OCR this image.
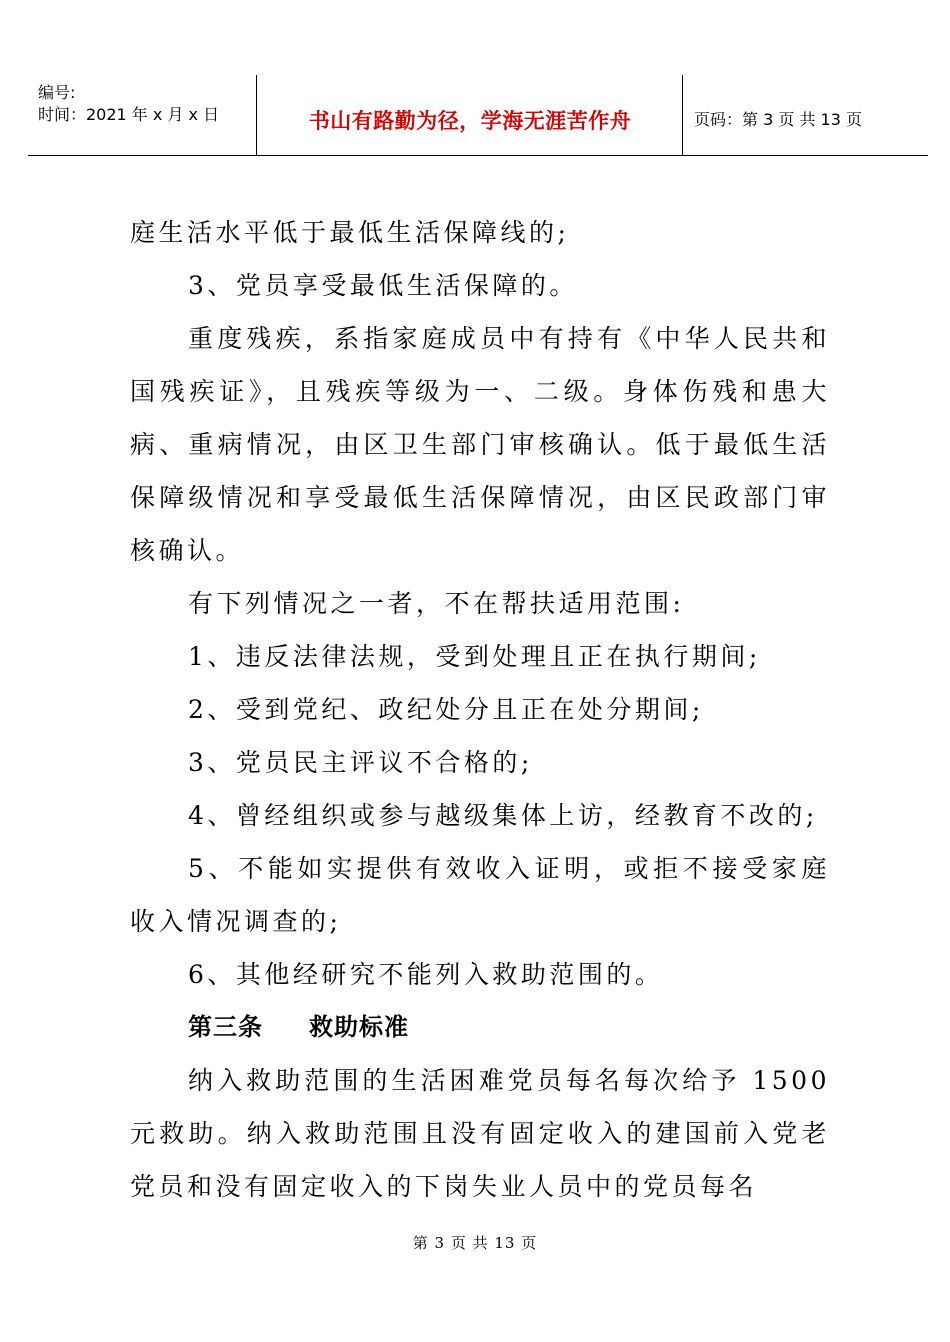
编号:
时间：2021 年 x 月 x 日	书山有路勤为径，学海无涯苦作舟	页码：第 3 页 共 13 页

庭生活水平低于最低生活保障线的;

3、党员享受最低生活保障的。

重度残疾，系指家庭成员中有持有《中华人民共和国残疾证》，且残疾等级为一、二级。身体伤残和患大病、重病情况，由区卫生部门审核确认。低于最低生活保障级情况和享受最低生活保障情况，由区民政部门审核确认。

有下列情况之一者，不在帮扶适用范围:

1、违反法律法规，受到处理且正在执行期间;

2、受到党纪、政纪处分且正在处分期间;

3、党员民主评议不合格的;

4、曾经组织或参与越级集体上访，经教育不改的;

5、不能如实提供有效收入证明，或拒不接受家庭收入情况调查的;

6、其他经研究不能列入救助范围的。

第三条 救助标准

纳入救助范围的生活困难党员每名每次给予 1500 元救助。纳入救助范围且没有固定收入的建国前入党老党员和没有固定收入的下岗失业人员中的党员每名

第 3 页 共 13 页
